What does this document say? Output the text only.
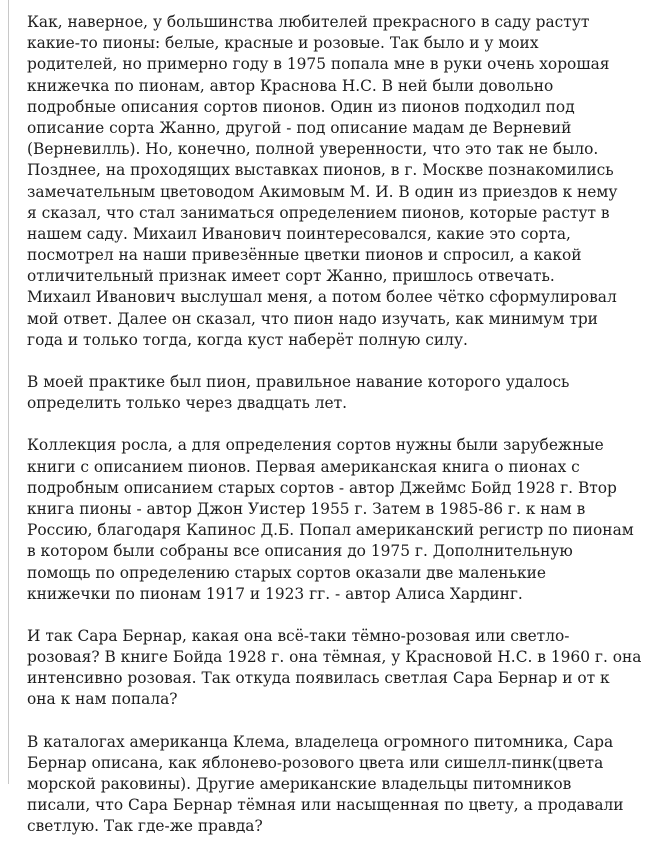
Как, наверное, у большинства любителей прекрасного в саду растут
какие-то пионы: белые, красные и розовые. Так было и у моих
родителей, но примерно году в 1975 попала мне в руки очень хорошая
книжечка по пионам, автор Краснова Н.С. В ней были довольно
подробные описания сортов пионов. Один из пионов подходил под
описание сорта Жанно, другой - под описание мадам де Верневий
(Верневилль). Но, конечно, полной уверенности, что это так не было.
Позднее, на проходящих выставках пионов, в г. Москве познакомились
замечательным цветоводом Акимовым М. И. В один из приездов к нему
я сказал, что стал заниматься определением пионов, которые растут в
нашем саду. Михаил Иванович поинтересовался, какие это сорта,
посмотрел на наши привезённые цветки пионов и спросил, а какой
отличительный признак имеет сорт Жанно, пришлось отвечать.
Михаил Иванович выслушал меня, а потом более чётко сформулировал
мой ответ. Далее он сказал, что пион надо изучать, как минимум три
года и только тогда, когда куст наберёт полную силу.
В моей практике был пион, правильное навание которого удалось
определить только через двадцать лет.
Коллекция росла, а для определения сортов нужны были зарубежные
книги с описанием пионов. Первая американская книга о пионах с
подробным описанием старых сортов - автор Джеймс Бойд 1928 г. Втор
книга пионы - автор Джон Уистер 1955 г. Затем в 1985-86 г. к нам в
Россию, благодаря Капинос Д.Б. Попал американский регистр по пионам
в котором были собраны все описания до 1975 г. Дополнительную
помощь по определению старых сортов оказали две маленькие
книжечки по пионам 1917 и 1923 гг. - автор Алиса Хардинг.
И так Сара Бернар, какая она всё-таки тёмно-розовая или светло-
розовая? В книге Бойда 1928 г. она тёмная, у Красновой Н.С. в 1960 г. она
интенсивно розовая. Так откуда появилась светлая Сара Бернар и от к
она к нам попала?
В каталогах американца Клема, владелеца огромного питомника, Сара
Бернар описана, как яблоневo-розового цвета или сишелл-пинк(цвета
морской раковины). Другие американские владельцы питомников
писали, что Сара Бернар тёмная или насыщенная по цвету, а продавали
светлую. Так где-же правда?
